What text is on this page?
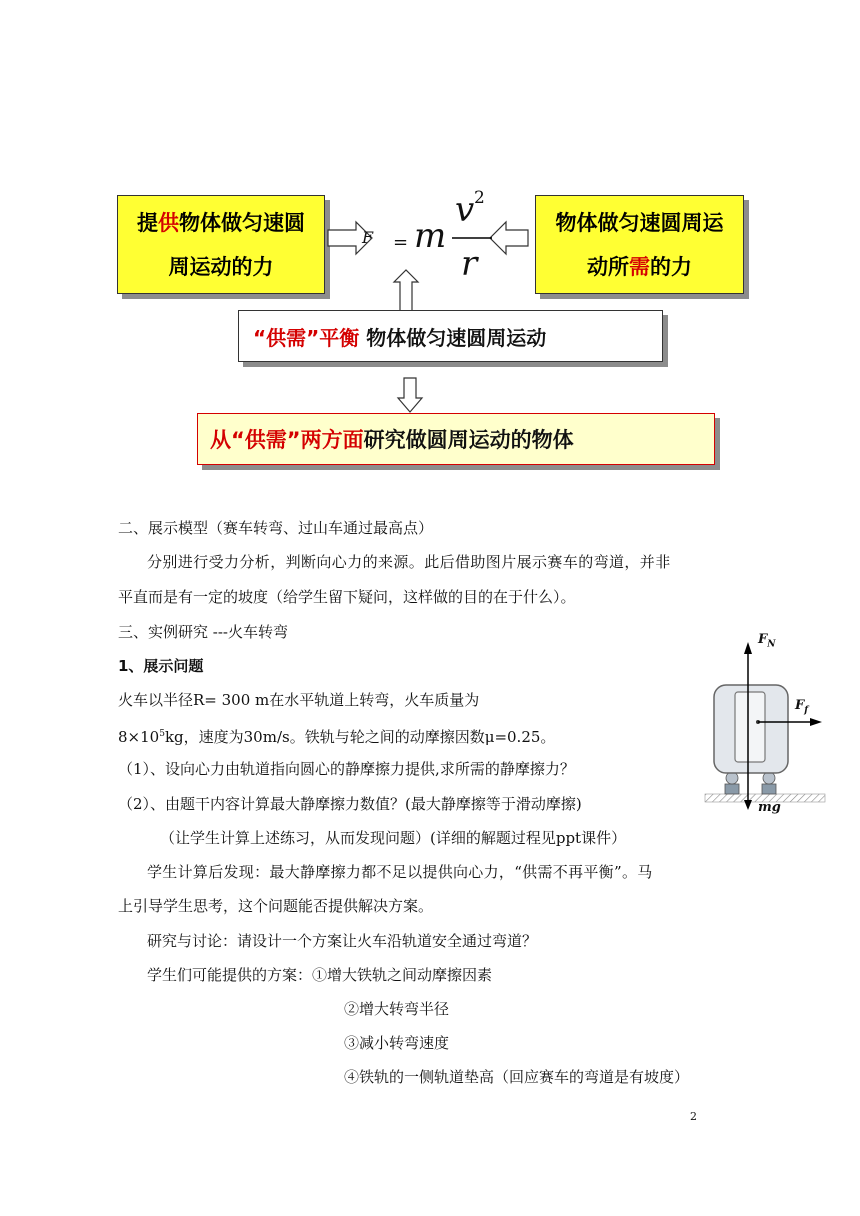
提供物体做匀速圆
周运动的力
物体做匀速圆周运
动所需的力
F = m
v 2
r
“供需”平衡
物体做匀速圆周运动
从“供需”两方面 研究做圆周运动的物体
二、展示模型（赛车转弯、过山车通过最高点）
分别进行受力分析，判断向心力的来源。此后借助图片展示赛车的弯道，并非
平直而是有一定的坡度（给学生留下疑问，这样做的目的在于什么）。
三、实例研究 ---火车转弯
1、展示问题
火车以半径R= 300 m在水平轨道上转弯，火车质量为
$8\times 10^5kg$，速度为30m/s。铁轨与轮之间的动摩擦因数μ=0.25。
（1）、设向心力由轨道指向圆心的静摩擦力提供,求所需的静摩擦力？
（2）、由题干内容计算最大静摩擦力数值？(最大静摩擦等于滑动摩擦)
（让学生计算上述练习，从而发现问题）(详细的解题过程见ppt课件）
学生计算后发现：最大静摩擦力都不足以提供向心力，“供需不再平衡”。马
上引导学生思考，这个问题能否提供解决方案。
研究与讨论：请设计一个方案让火车沿轨道安全通过弯道？
学生们可能提供的方案：①增大铁轨之间动摩擦因素
②增大转弯半径
③减小转弯速度
④铁轨的一侧轨道垫高（回应赛车的弯道是有坡度）
$F_N$
$F_f$
mg
2
